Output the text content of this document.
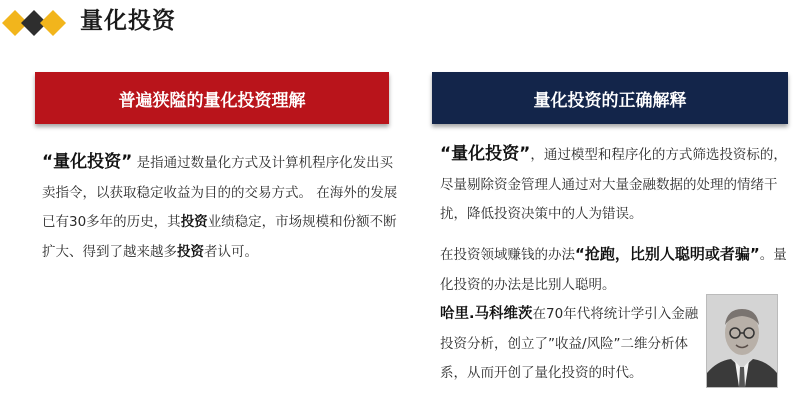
量化投资
普遍狭隘的量化投资理解	量化投资的正确解释
“量化投资” 是指通过数量化方式及计算机程序化发出买卖指令，以获取稳定收益为目的的交易方式。 在海外的发展已有30多年的历史，其投资业绩稳定，市场规模和份额不断扩大、得到了越来越多投资者认可。
“量化投资”，通过模型和程序化的方式筛选投资标的，尽量剔除资金管理人通过对大量金融数据的处理的情绪干扰，降低投资决策中的人为错误。
在投资领域赚钱的办法“抢跑，比别人聪明或者骗”。量化投资的办法是比别人聪明。
哈里.马科维茨在70年代将统计学引入金融投资分析，创立了”收益/风险”二维分析体系，从而开创了量化投资的时代。
